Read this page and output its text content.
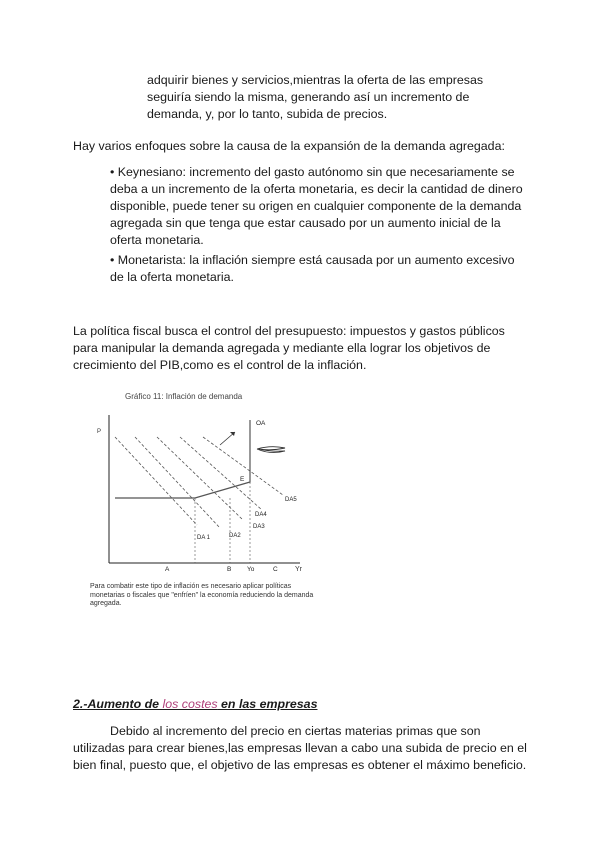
adquirir bienes y servicios,mientras la oferta de las empresas seguiría siendo la misma, generando así un incremento de demanda, y, por lo tanto, subida de precios.

Hay varios enfoques sobre la causa de la expansión de la demanda agregada:

• Keynesiano: incremento del gasto autónomo sin que necesariamente se deba a un incremento de la oferta monetaria, es decir la cantidad de dinero disponible, puede tener su origen en cualquier componente de la demanda agregada sin que tenga que estar causado por un aumento inicial de la oferta monetaria.

• Monetarista: la inflación siempre está causada por un aumento excesivo de la oferta monetaria.

La política fiscal busca el control del presupuesto: impuestos y gastos públicos para manipular la demanda agregada y mediante ella lograr los objetivos de crecimiento del PIB,como es el control de la inflación.

Gráfico 11: Inflación de demanda
P
Yr
OA
E
DA 1	DA2
DA3
DA4
DA5
A	B Yo	C

Para combatir este tipo de inflación es necesario aplicar políticas monetarias o fiscales que "enfríen" la economía reduciendo la demanda agregada.

2.-Aumento de los costes en las empresas

Debido al incremento del precio en ciertas materias primas que son utilizadas para crear bienes,las empresas llevan a cabo una subida de precio en el bien final, puesto que, el objetivo de las empresas es obtener el máximo beneficio.
